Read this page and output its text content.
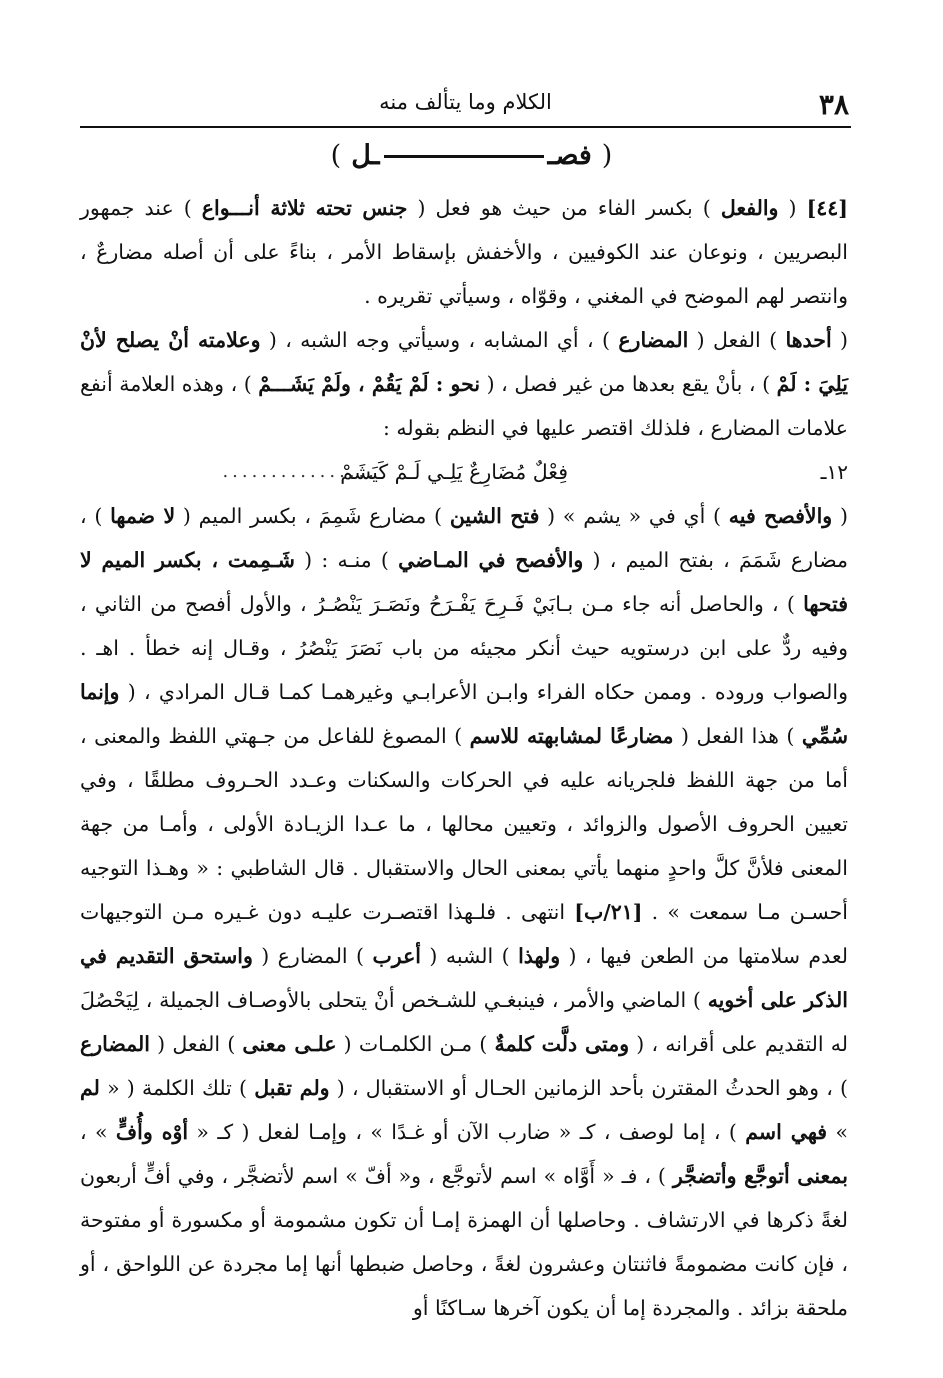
٣٨
الكلام وما يتألف منه
(فصــل)

[٤٤] ( والفعل ) بكسر الفاء من حيث هو فعل ( جنس تحته ثلاثة أنـــواع ) عند جمهور البصريين ، ونوعان عند الكوفيين ، والأخفش بإسقاط الأمر ، بناءً على أن أصله مضارعٌ ، وانتصر لهم الموضح في المغني ، وقوّاه ، وسيأتي تقريره .

( أحدها ) الفعل ( المضارع ) ، أي المشابه ، وسيأتي وجه الشبه ، ( وعلامته أنْ يصلح لأنْ يَلِيَ : لَمْ ) ، بأنْ يقع بعدها من غير فصل ، ( نحو : لَمْ يَقُمْ ، ولَمْ يَشَـــمْ ) ، وهذه العلامة أنفع علامات المضارع ، فلذلك اقتصر عليها في النظم بقوله :

١٢ـ
فِعْلٌ مُضَارِعٌ يَلِـي لَـمْ كَيَشَمْ
................

( والأفصح فيه ) أي في « يشم » ( فتح الشين ) مضارع شَمِمَ ، بكسر الميم ( لا ضمها ) ، مضارع شَمَمَ ، بفتح الميم ، ( والأفصح في المـاضي ) منـه : ( شَـمِمت ، بكسر الميم لا فتحها ) ، والحاصل أنه جاء مـن بـابَيْ فَـرِحَ يَفْـرَحُ ونَصَـرَ يَنْصُـرُ ، والأول أفصح من الثاني ، وفيه ردٌّ على ابن درستويه حيث أنكر مجيئه من باب نَصَرَ يَنْصُرُ ، وقـال إنه خطأ . اهـ . والصواب وروده . وممن حكاه الفراء وابـن الأعرابـي وغيرهمـا كمـا قـال المرادي ، ( وإنما سُمِّي ) هذا الفعل ( مضارعًا لمشابهته للاسم ) المصوغ للفاعل من جـهتي اللفظ والمعنى ، أما من جهة اللفظ فلجريانه عليه في الحركات والسكنات وعـدد الحـروف مطلقًا ، وفي تعيين الحروف الأصول والزوائد ، وتعيين محالها ، ما عـدا الزيـادة الأولى ، وأمـا من جهة المعنى فلأنَّ كلَّ واحدٍ منهما يأتي بمعنى الحال والاستقبال . قال الشاطبي : « وهـذا التوجيه أحسـن مـا سمعت » . [٢١/ب] انتهى . فلـهذا اقتصـرت عليـه دون غـيره مـن التوجيهات لعدم سلامتها من الطعن فيها ، ( ولهذا ) الشبه ( أعرب ) المضارع ( واستحق التقديم في الذكر على أخويه ) الماضي والأمر ، فينبغـي للشـخص أنْ يتحلى بالأوصـاف الجميلة ، لِيَحْصُلَ له التقديم على أقرانه ، ( ومتى دلَّت كلمةٌ ) مـن الكلمـات ( علـى معنى ) الفعل ( المضارع ) ، وهو الحدثُ المقترن بأحد الزمانين الحـال أو الاستقبال ، ( ولم تقبل ) تلك الكلمة ( « لم » فهي اسم ) ، إما لوصف ، كـ « ضارب الآن أو غـدًا » ، وإمـا لفعل ( كـ « أوْه وأُفٍّ » ، بمعنى أتوجَّع وأتضجَّر ) ، فـ « أَوَّاه » اسم لأتوجَّع ، و« أفّ » اسم لأتضجَّر ، وفي أفٍّ أربعون لغةً ذكرها في الارتشاف . وحاصلها أن الهمزة إمـا أن تكون مشمومة أو مكسورة أو مفتوحة ، فإن كانت مضمومةً فاثنتان وعشرون لغةً ، وحاصل ضبطها أنها إما مجردة عن اللواحق ، أو ملحقة بزائد . والمجردة إما أن يكون آخرها سـاكنًا أو
